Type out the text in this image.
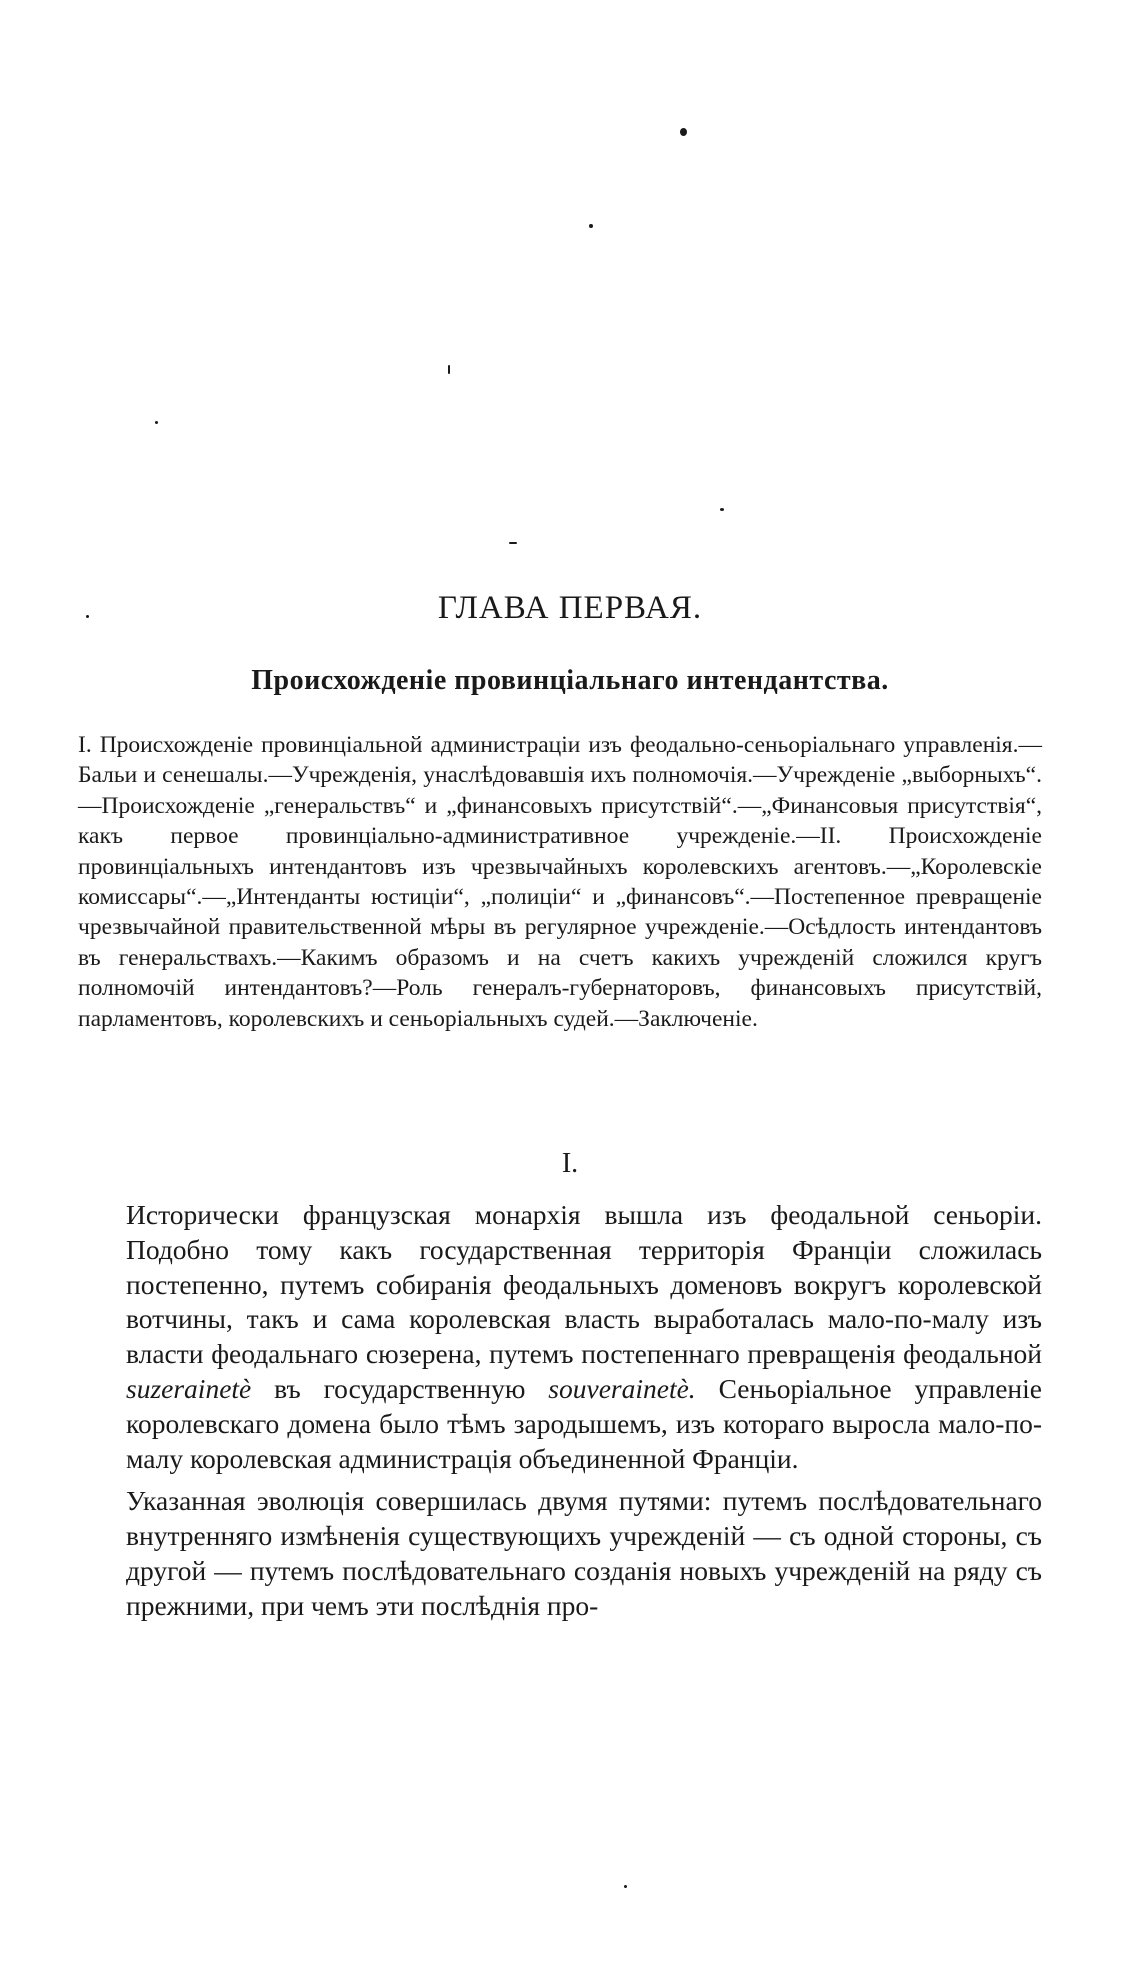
ГЛАВА ПЕРВАЯ.
Происхожденіе провинціальнаго интендантства.

I. Происхожденіе провинціальной администраціи изъ феодально-сеньоріальнаго управленія.—Бальи и сенешалы.—Учрежденія, унаслѣдовавшія ихъ полномочія.—Учрежденіе „выборныхъ“.—Происхожденіе „генеральствъ“ и „финансовыхъ присутствій“.—„Финансовыя присутствія“, какъ первое провинціально-административное учрежденіе.—II. Происхожденіе провинціальныхъ интендантовъ изъ чрезвычайныхъ королевскихъ агентовъ.—„Королевскіе комиссары“.—„Интенданты юстиціи“, „полиціи“ и „финансовъ“.—Постепенное превращеніе чрезвычайной правительственной мѣры въ регулярное учрежденіе.—Осѣдлость интендантовъ въ генеральствахъ.—Какимъ образомъ и на счетъ какихъ учрежденій сложился кругъ полномочій интендантовъ?—Роль генералъ-губернаторовъ, финансовыхъ присутствій, парламентовъ, королевскихъ и сеньоріальныхъ судей.—Заключеніе.

I.

Исторически французская монархія вышла изъ феодальной сеньоріи. Подобно тому какъ государственная территорія Франціи сложилась постепенно, путемъ собиранія феодальныхъ доменовъ вокругъ королевской вотчины, такъ и сама королевская власть выработалась мало-по-малу изъ власти феодальнаго сюзерена, путемъ постепеннаго превращенія феодальной suzerainetè въ государственную souverainetè. Сеньоріальное управленіе королевскаго домена было тѣмъ зародышемъ, изъ котораго выросла мало-по-малу королевская администрація объединенной Франціи.

Указанная эволюція совершилась двумя путями: путемъ послѣдовательнаго внутренняго измѣненія существующихъ учрежденій — съ одной стороны, съ другой — путемъ послѣдовательнаго созданія новыхъ учрежденій на ряду съ прежними, при чемъ эти послѣднія про-
